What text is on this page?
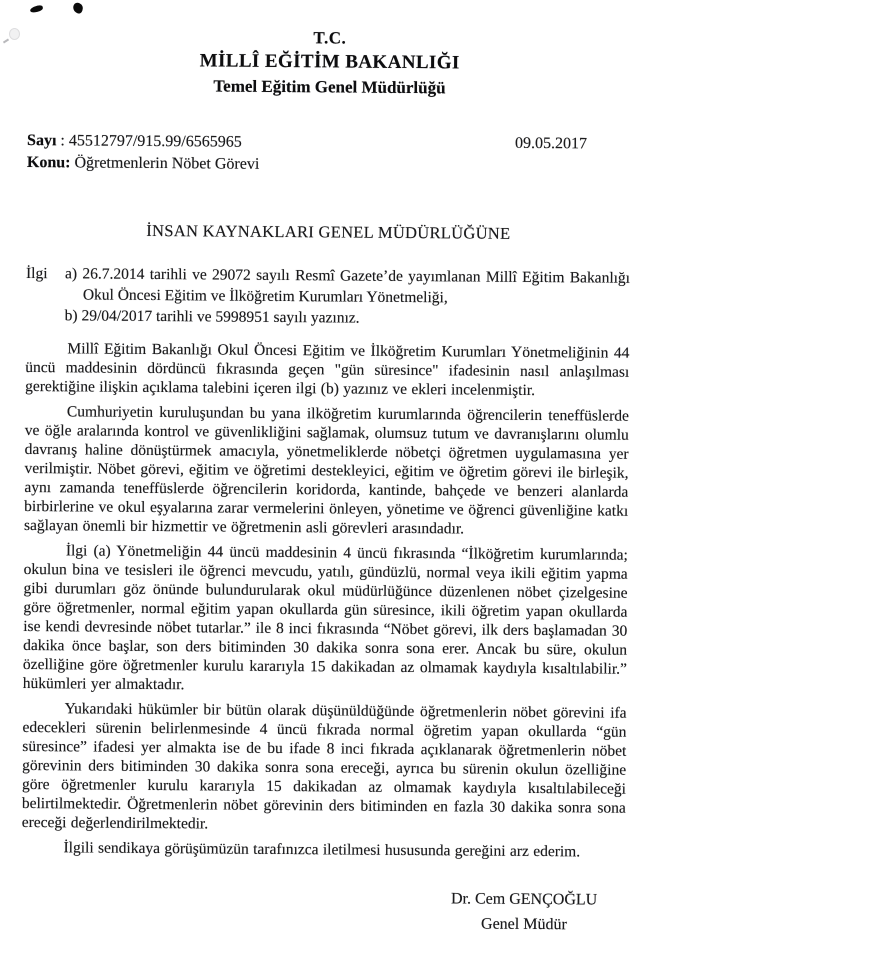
T.C.
MİLLÎ EĞİTİM BAKANLIĞI
Temel Eğitim Genel Müdürlüğü
Sayı : 45512797/915.99/6565965
Konu: Öğretmenlerin Nöbet Görevi
09.05.2017
İNSAN KAYNAKLARI GENEL MÜDÜRLÜĞÜNE
İlgi	a) 26.7.2014 tarihli ve 29072 sayılı Resmî Gazete’de yayımlanan Millî Eğitim Bakanlığı Okul Öncesi Eğitim ve İlköğretim Kurumları Yönetmeliği,
b) 29/04/2017 tarihli ve 5998951 sayılı yazınız.

Millî Eğitim Bakanlığı Okul Öncesi Eğitim ve İlköğretim Kurumları Yönetmeliğinin 44 üncü maddesinin dördüncü fıkrasında geçen "gün süresince" ifadesinin nasıl anlaşılması gerektiğine ilişkin açıklama talebini içeren ilgi (b) yazınız ve ekleri incelenmiştir.

Cumhuriyetin kuruluşundan bu yana ilköğretim kurumlarında öğrencilerin teneffüslerde ve öğle aralarında kontrol ve güvenlikliğini sağlamak, olumsuz tutum ve davranışlarını olumlu davranış haline dönüştürmek amacıyla, yönetmeliklerde nöbetçi öğretmen uygulamasına yer verilmiştir. Nöbet görevi, eğitim ve öğretimi destekleyici, eğitim ve öğretim görevi ile birleşik, aynı zamanda teneffüslerde öğrencilerin koridorda, kantinde, bahçede ve benzeri alanlarda birbirlerine ve okul eşyalarına zarar vermelerini önleyen, yönetime ve öğrenci güvenliğine katkı sağlayan önemli bir hizmettir ve öğretmenin asli görevleri arasındadır.

İlgi (a) Yönetmeliğin 44 üncü maddesinin 4 üncü fıkrasında “İlköğretim kurumlarında; okulun bina ve tesisleri ile öğrenci mevcudu, yatılı, gündüzlü, normal veya ikili eğitim yapma gibi durumları göz önünde bulundurularak okul müdürlüğünce düzenlenen nöbet çizelgesine göre öğretmenler, normal eğitim yapan okullarda gün süresince, ikili öğretim yapan okullarda ise kendi devresinde nöbet tutarlar.” ile 8 inci fıkrasında “Nöbet görevi, ilk ders başlamadan 30 dakika önce başlar, son ders bitiminden 30 dakika sonra sona erer. Ancak bu süre, okulun özelliğine göre öğretmenler kurulu kararıyla 15 dakikadan az olmamak kaydıyla kısaltılabilir.” hükümleri yer almaktadır.

Yukarıdaki hükümler bir bütün olarak düşünüldüğünde öğretmenlerin nöbet görevini ifa edecekleri sürenin belirlenmesinde 4 üncü fıkrada normal öğretim yapan okullarda “gün süresince” ifadesi yer almakta ise de bu ifade 8 inci fıkrada açıklanarak öğretmenlerin nöbet görevinin ders bitiminden 30 dakika sonra sona ereceği, ayrıca bu sürenin okulun özelliğine göre öğretmenler kurulu kararıyla 15 dakikadan az olmamak kaydıyla kısaltılabileceği belirtilmektedir. Öğretmenlerin nöbet görevinin ders bitiminden en fazla 30 dakika sonra sona ereceği değerlendirilmektedir.

İlgili sendikaya görüşümüzün tarafınızca iletilmesi hususunda gereğini arz ederim.

Dr. Cem GENÇOĞLU
Genel Müdür
